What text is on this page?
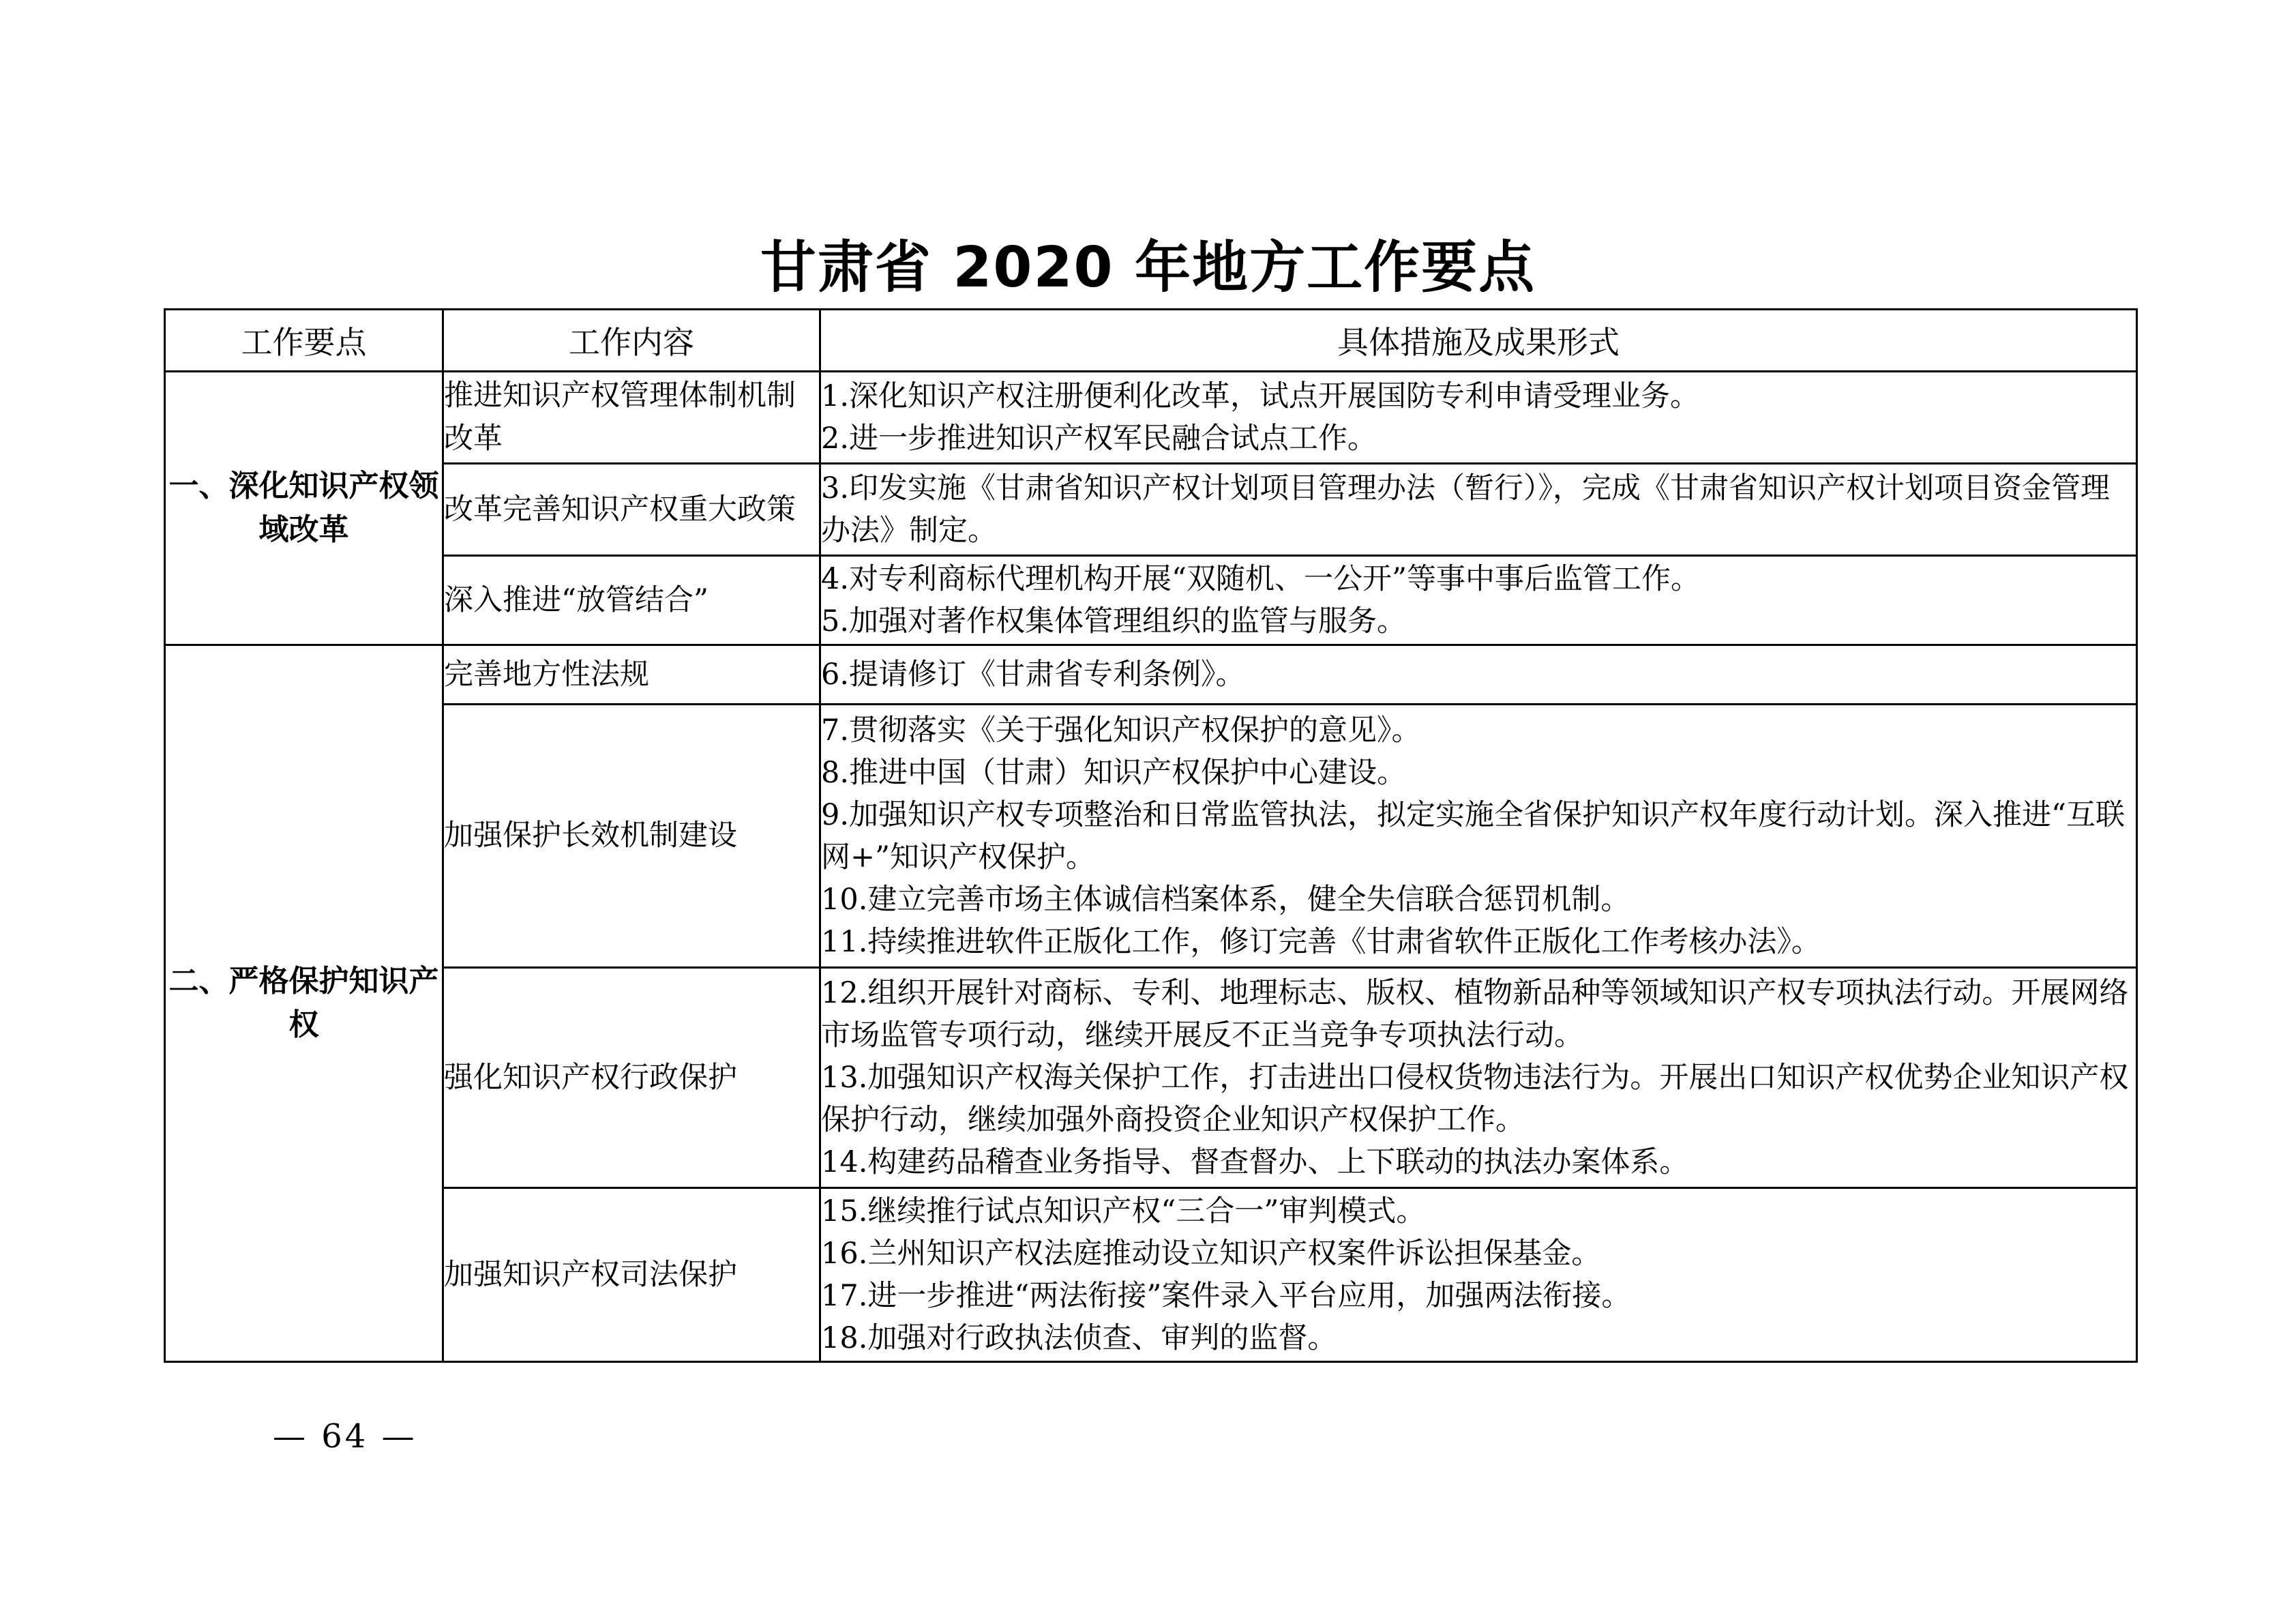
甘肃省 2020 年地方工作要点
工作要点	工作内容	具体措施及成果形式
一、深化知识产权领域改革	推进知识产权管理体制机制改革	1.深化知识产权注册便利化改革，试点开展国防专利申请受理业务。
2.进一步推进知识产权军民融合试点工作。

	改革完善知识产权重大政策	3.印发实施《甘肃省知识产权计划项目管理办法（暂行）》，完成《甘肃省知识产权计划项目资金管理办法》制定。

	深入推进“放管结合”	4.对专利商标代理机构开展“双随机、一公开”等事中事后监管工作。
5.加强对著作权集体管理组织的监管与服务。

二、严格保护知识产权	完善地方性法规	6.提请修订《甘肃省专利条例》。

	加强保护长效机制建设	7.贯彻落实《关于强化知识产权保护的意见》。
8.推进中国（甘肃）知识产权保护中心建设。
9.加强知识产权专项整治和日常监管执法，拟定实施全省保护知识产权年度行动计划。深入推进“互联网+”知识产权保护。
10.建立完善市场主体诚信档案体系，健全失信联合惩罚机制。
11.持续推进软件正版化工作，修订完善《甘肃省软件正版化工作考核办法》。

	强化知识产权行政保护	12.组织开展针对商标、专利、地理标志、版权、植物新品种等领域知识产权专项执法行动。开展网络市场监管专项行动，继续开展反不正当竞争专项执法行动。
13.加强知识产权海关保护工作，打击进出口侵权货物违法行为。开展出口知识产权优势企业知识产权保护行动，继续加强外商投资企业知识产权保护工作。
14.构建药品稽查业务指导、督查督办、上下联动的执法办案体系。

	加强知识产权司法保护	15.继续推行试点知识产权“三合一”审判模式。
16.兰州知识产权法庭推动设立知识产权案件诉讼担保基金。
17.进一步推进“两法衔接”案件录入平台应用，加强两法衔接。
18.加强对行政执法侦查、审判的监督。
— 64 —
